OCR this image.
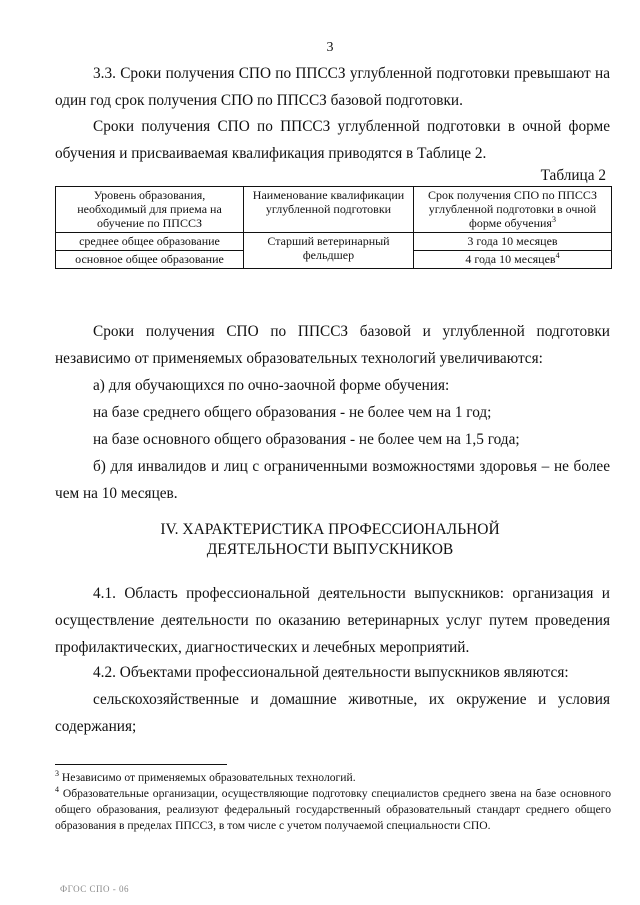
3

3.3. Сроки получения СПО по ППССЗ углубленной подготовки превышают на один год срок получения СПО по ППССЗ базовой подготовки.

Сроки получения СПО по ППССЗ углубленной подготовки в очной форме обучения и присваиваемая квалификация приводятся в Таблице 2.

Таблица 2
Уровень образования, необходимый для приема на обучение по ППССЗ	Наименование квалификации углубленной подготовки	Срок получения СПО по ППССЗ углубленной подготовки в очной форме обучения$^3$
среднее общее образование	Старший ветеринарный фельдшер	3 года 10 месяцев
основное общее образование		4 года 10 месяцев$^4$

Сроки получения СПО по ППССЗ базовой и углубленной подготовки независимо от применяемых образовательных технологий увеличиваются:

а) для обучающихся по очно-заочной форме обучения:

на базе среднего общего образования - не более чем на 1 год;

на базе основного общего образования - не более чем на 1,5 года;

б) для инвалидов и лиц с ограниченными возможностями здоровья – не более чем на 10 месяцев.

IV. ХАРАКТЕРИСТИКА ПРОФЕССИОНАЛЬНОЙ
ДЕЯТЕЛЬНОСТИ ВЫПУСКНИКОВ

4.1. Область профессиональной деятельности выпускников: организация и осуществление деятельности по оказанию ветеринарных услуг путем проведения профилактических, диагностических и лечебных мероприятий.

4.2. Объектами профессиональной деятельности выпускников являются:

сельскохозяйственные и домашние животные, их окружение и условия содержания;

$^3$ Независимо от применяемых образовательных технологий.

$^4$ Образовательные организации, осуществляющие подготовку специалистов среднего звена на базе основного общего образования, реализуют федеральный государственный образовательный стандарт среднего общего образования в пределах ППССЗ, в том числе с учетом получаемой специальности СПО.

ФГОС СПО - 06
